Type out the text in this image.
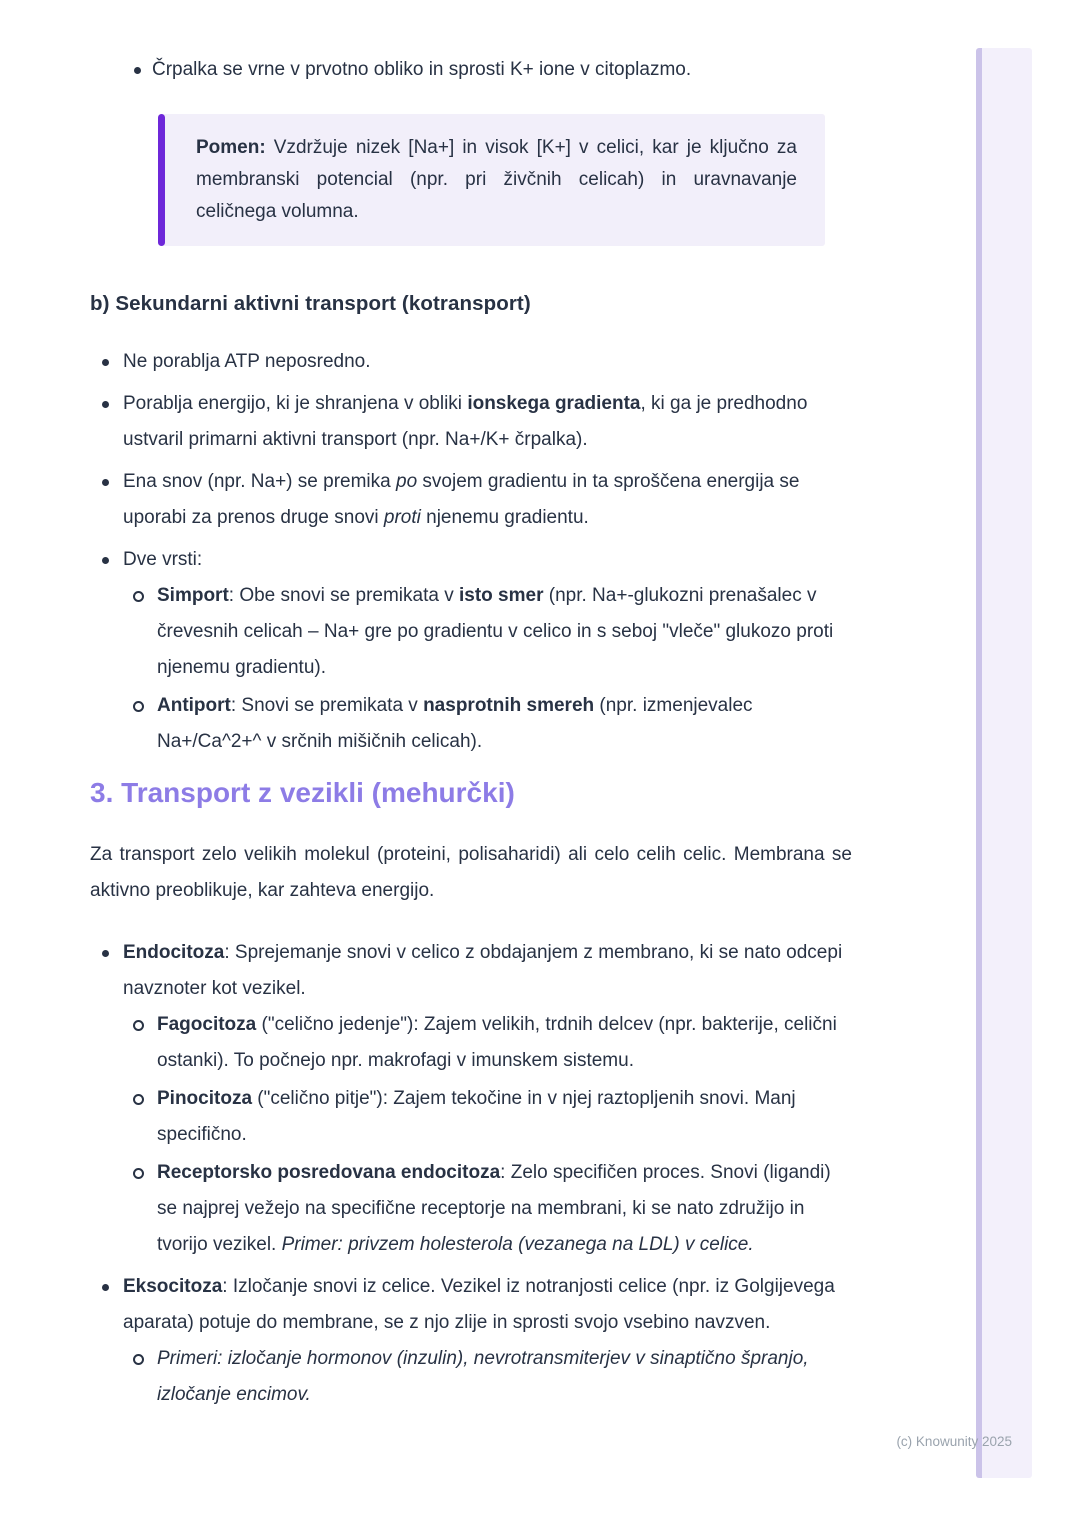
Črpalka se vrne v prvotno obliko in sprosti K+ ione v citoplazmo.
Pomen: Vzdržuje nizek [Na+] in visok [K+] v celici, kar je ključno za membranski potencial (npr. pri živčnih celicah) in uravnavanje celičnega volumna.
b) Sekundarni aktivni transport (kotransport)
Ne porablja ATP neposredno.
Porablja energijo, ki je shranjena v obliki ionskega gradienta, ki ga je predhodno ustvaril primarni aktivni transport (npr. Na+/K+ črpalka).
Ena snov (npr. Na+) se premika po svojem gradientu in ta sproščena energija se uporabi za prenos druge snovi proti njenemu gradientu.
Dve vrsti:
Simport: Obe snovi se premikata v isto smer (npr. Na+-glukozni prenašalec v črevesnih celicah – Na+ gre po gradientu v celico in s seboj "vleče" glukozo proti njenemu gradientu).
Antiport: Snovi se premikata v nasprotnih smereh (npr. izmenjevalec Na+/Ca^2+^ v srčnih mišičnih celicah).
3. Transport z vezikli (mehurčki)

Za transport zelo velikih molekul (proteini, polisaharidi) ali celo celih celic. Membrana se aktivno preoblikuje, kar zahteva energijo.

Endocitoza: Sprejemanje snovi v celico z obdajanjem z membrano, ki se nato odcepi navznoter kot vezikel.
Fagocitoza ("celično jedenje"): Zajem velikih, trdnih delcev (npr. bakterije, celični ostanki). To počnejo npr. makrofagi v imunskem sistemu.
Pinocitoza ("celično pitje"): Zajem tekočine in v njej raztopljenih snovi. Manj specifično.
Receptorsko posredovana endocitoza: Zelo specifičen proces. Snovi (ligandi) se najprej vežejo na specifične receptorje na membrani, ki se nato združijo in tvorijo vezikel. Primer: privzem holesterola (vezanega na LDL) v celice.
Eksocitoza: Izločanje snovi iz celice. Vezikel iz notranjosti celice (npr. iz Golgijevega aparata) potuje do membrane, se z njo zlije in sprosti svojo vsebino navzven.
Primeri: izločanje hormonov (inzulin), nevrotransmiterjev v sinaptično špranjo, izločanje encimov.
(c) Knowunity 2025
